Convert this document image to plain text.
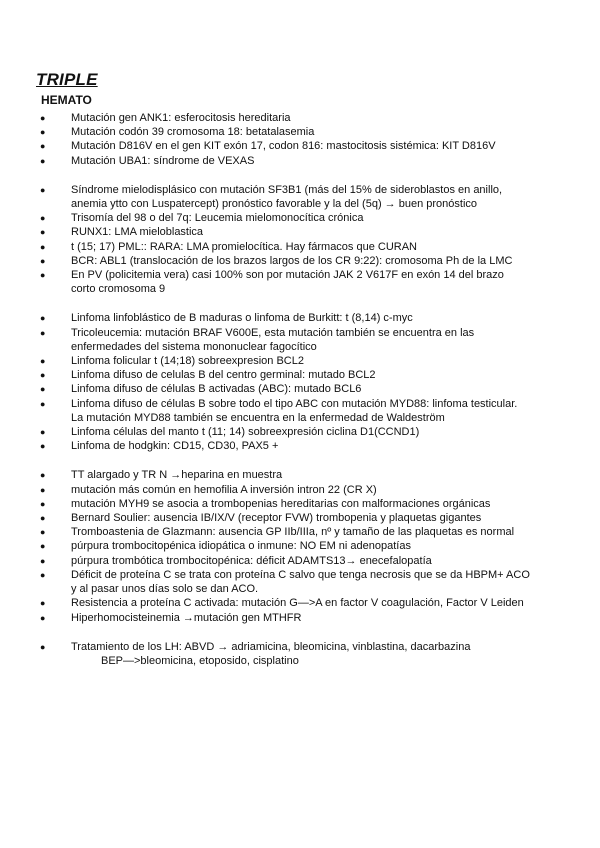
TRIPLE
HEMATO
● Mutación gen ANK1: esferocitosis hereditaria
● Mutación codón 39 cromosoma 18: betatalasemia
● Mutación D816V en el gen KIT exón 17, codon 816: mastocitosis sistémica: KIT D816V
● Mutación UBA1: síndrome de VEXAS
● Síndrome mielodisplásico con mutación SF3B1 (más del 15% de sideroblastos en anillo, anemia ytto con Luspatercept) pronóstico favorable y la del (5q) → buen pronóstico
● Trisomía del 98 o del 7q: Leucemia mielomonocítica crónica
● RUNX1: LMA mieloblastica
● t (15; 17) PML:: RARA: LMA promielocítica. Hay fármacos que CURAN
● BCR: ABL1 (translocación de los brazos largos de los CR 9:22): cromosoma Ph de la LMC
● En PV (policitemia vera) casi 100% son por mutación JAK 2 V617F en exón 14 del brazo corto cromosoma 9
● Linfoma linfoblástico de B maduras o linfoma de Burkitt: t (8,14) c-myc
● Tricoleucemia: mutación BRAF V600E, esta mutación también se encuentra en las enfermedades del sistema mononuclear fagocítico
● Linfoma folicular t (14;18) sobreexpresion BCL2
● Linfoma difuso de celulas B del centro germinal: mutado BCL2
● Linfoma difuso de células B activadas (ABC): mutado BCL6
● Linfoma difuso de células B sobre todo el tipo ABC con mutación MYD88: linfoma testicular. La mutación MYD88 también se encuentra en la enfermedad de Waldeström
● Linfoma células del manto t (11; 14) sobreexpresión ciclina D1(CCND1)
● Linfoma de hodgkin: CD15, CD30, PAX5 +
● TT alargado y TR N →heparina en muestra
● mutación más común en hemofilia A inversión intron 22 (CR X)
● mutación MYH9 se asocia a trombopenias hereditarias con malformaciones orgánicas
● Bernard Soulier: ausencia IB/IX/V (receptor FVW) trombopenia y plaquetas gigantes
● Tromboastenia de Glazmann: ausencia GP IIb/IIIa, nº y tamaño de las plaquetas es normal
● púrpura trombocitopénica idiopática o inmune: NO EM ni adenopatías
● púrpura trombótica trombocitopénica: déficit ADAMTS13→ enecefalopatía
● Déficit de proteína C se trata con proteína C salvo que tenga necrosis que se da HBPM+ ACO y al pasar unos días solo se dan ACO.
● Resistencia a proteína C activada: mutación G—>A en factor V coagulación, Factor V Leiden
● Hiperhomocisteinemia →mutación gen MTHFR
● Tratamiento de los LH: ABVD → adriamicina, bleomicina, vinblastina, dacarbazina
BEP—>bleomicina, etoposido, cisplatino
